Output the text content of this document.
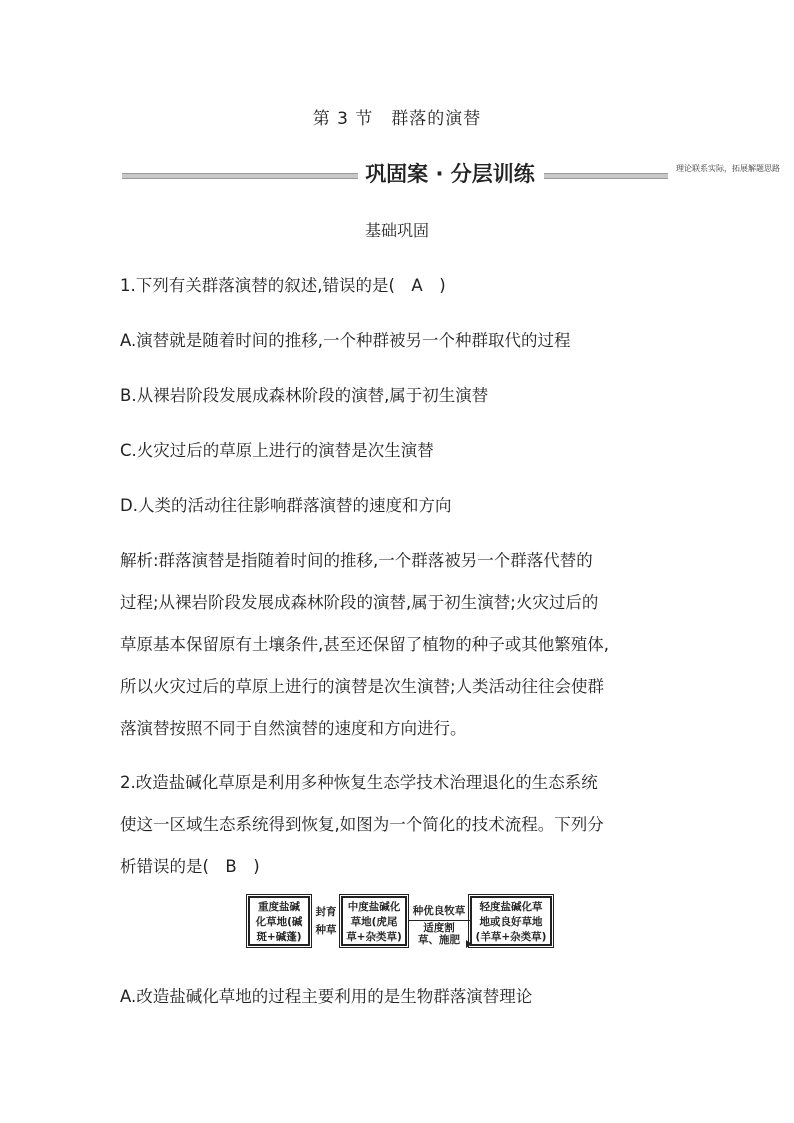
第 3 节　群落的演替
巩固案 · 分层训练	理论联系实际，拓展解题思路
基础巩固
1.下列有关群落演替的叙述,错误的是(　A　)
A.演替就是随着时间的推移,一个种群被另一个种群取代的过程
B.从裸岩阶段发展成森林阶段的演替,属于初生演替
C.火灾过后的草原上进行的演替是次生演替
D.人类的活动往往影响群落演替的速度和方向
解析:群落演替是指随着时间的推移,一个群落被另一个群落代替的
过程;从裸岩阶段发展成森林阶段的演替,属于初生演替;火灾过后的
草原基本保留原有土壤条件,甚至还保留了植物的种子或其他繁殖体,
所以火灾过后的草原上进行的演替是次生演替;人类活动往往会使群
落演替按照不同于自然演替的速度和方向进行。
2.改造盐碱化草原是利用多种恢复生态学技术治理退化的生态系统
使这一区域生态系统得到恢复,如图为一个简化的技术流程。下列分
析错误的是(　B　)
重度盐碱
化草地(碱
斑+碱蓬)
封育
种草
中度盐碱化
草地(虎尾
草+杂类草)
种优良牧草
适度割
草、施肥
轻度盐碱化草
地或良好草地
(羊草+杂类草)
A.改造盐碱化草地的过程主要利用的是生物群落演替理论
